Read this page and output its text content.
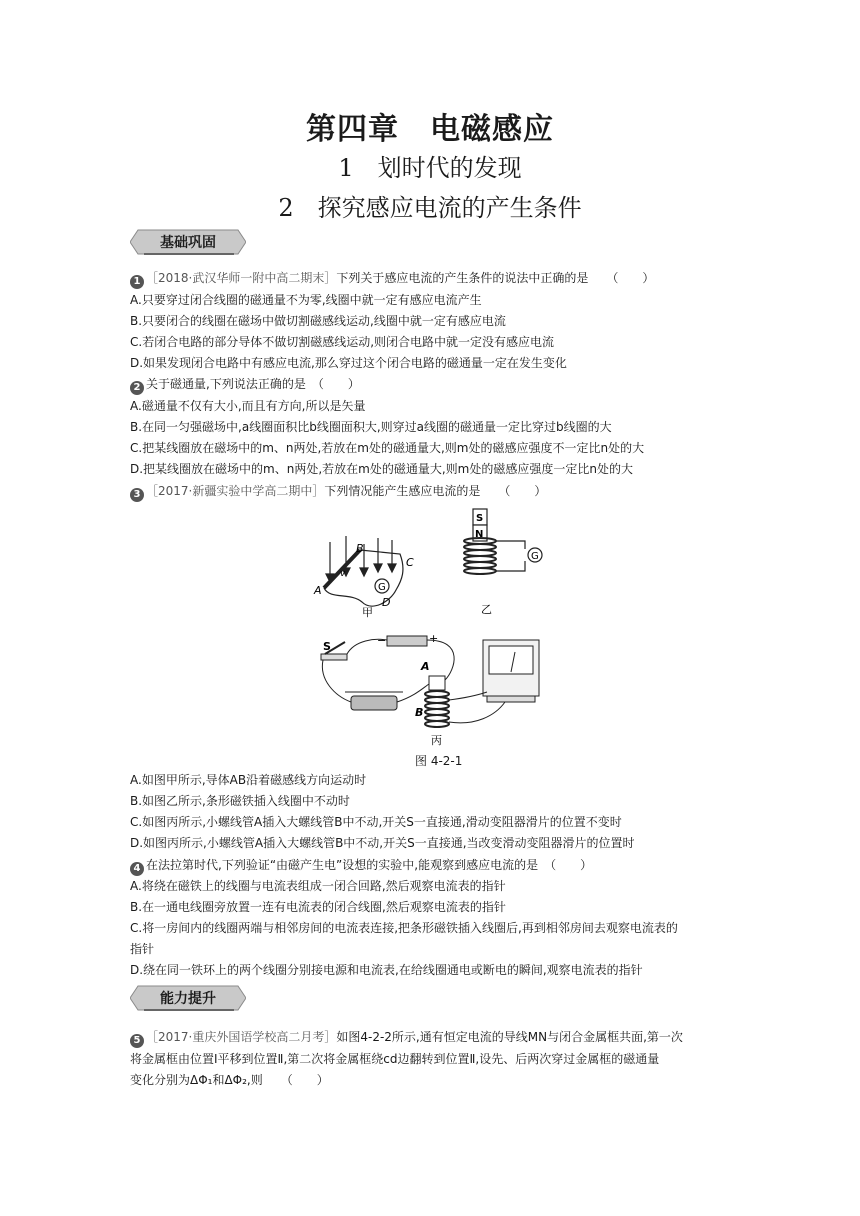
第四章　电磁感应
1　划时代的发现
2　探究感应电流的产生条件
基础巩固
1 ［2018·武汉华师一附中高二期末］下列关于感应电流的产生条件的说法中正确的是　　（　　）
A.只要穿过闭合线圈的磁通量不为零,线圈中就一定有感应电流产生
B.只要闭合的线圈在磁场中做切割磁感线运动,线圈中就一定有感应电流
C.若闭合电路的部分导体不做切割磁感线运动,则闭合电路中就一定没有感应电流
D.如果发现闭合电路中有感应电流,那么穿过这个闭合电路的磁通量一定在发生变化
2 关于磁通量,下列说法正确的是　（　　）
A.磁通量不仅有大小,而且有方向,所以是矢量
B.在同一匀强磁场中,a线圈面积比b线圈面积大,则穿过a线圈的磁通量一定比穿过b线圈的大
C.把某线圈放在磁场中的m、n两处,若放在m处的磁通量大,则m处的磁感应强度不一定比n处的大
D.把某线圈放在磁场中的m、n两处,若放在m处的磁通量大,则m处的磁感应强度一定比n处的大
3 ［2017·新疆实验中学高二期中］下列情况能产生感应电流的是　　（　　）
G
A
B
C
D
v
甲
S
N
G
乙
S	−	+
A
B
丙
图 4-2-1
A.如图甲所示,导体AB沿着磁感线方向运动时
B.如图乙所示,条形磁铁插入线圈中不动时
C.如图丙所示,小螺线管A插入大螺线管B中不动,开关S一直接通,滑动变阻器滑片的位置不变时
D.如图丙所示,小螺线管A插入大螺线管B中不动,开关S一直接通,当改变滑动变阻器滑片的位置时
4 在法拉第时代,下列验证“由磁产生电”设想的实验中,能观察到感应电流的是　（　　）
A.将绕在磁铁上的线圈与电流表组成一闭合回路,然后观察电流表的指针
B.在一通电线圈旁放置一连有电流表的闭合线圈,然后观察电流表的指针
C.将一房间内的线圈两端与相邻房间的电流表连接,把条形磁铁插入线圈后,再到相邻房间去观察电流表的
指针
D.绕在同一铁环上的两个线圈分别接电源和电流表,在给线圈通电或断电的瞬间,观察电流表的指针
能力提升
5 ［2017·重庆外国语学校高二月考］如图4-2-2所示,通有恒定电流的导线MN与闭合金属框共面,第一次
将金属框由位置Ⅰ平移到位置Ⅱ,第二次将金属框绕cd边翻转到位置Ⅱ,设先、后两次穿过金属框的磁通量
变化分别为ΔΦ₁和ΔΦ₂,则　　（　　）
